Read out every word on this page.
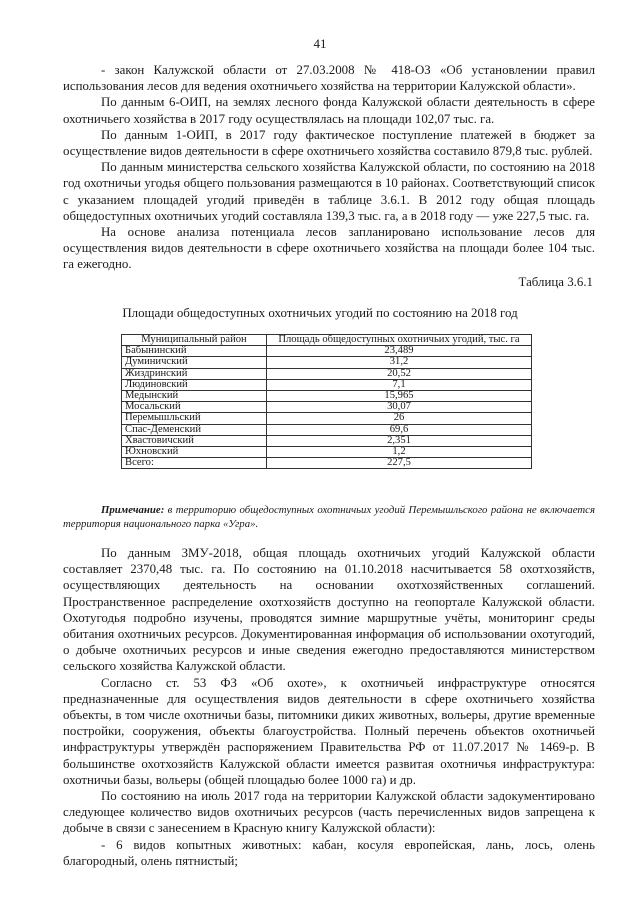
41

- закон Калужской области от 27.03.2008 № 418-ОЗ «Об установлении правил использования лесов для ведения охотничьего хозяйства на территории Калужской области».

По данным 6-ОИП, на землях лесного фонда Калужской области деятельность в сфере охотничьего хозяйства в 2017 году осуществлялась на площади 102,07 тыс. га.

По данным 1-ОИП, в 2017 году фактическое поступление платежей в бюджет за осуществление видов деятельности в сфере охотничьего хозяйства составило 879,8 тыс. рублей.

По данным министерства сельского хозяйства Калужской области, по состоянию на 2018 год охотничьи угодья общего пользования размещаются в 10 районах. Соответствующий список с указанием площадей угодий приведён в таблице 3.6.1. В 2012 году общая площадь общедоступных охотничьих угодий составляла 139,3 тыс. га, а в 2018 году — уже 227,5 тыс. га.

На основе анализа потенциала лесов запланировано использование лесов для осуществления видов деятельности в сфере охотничьего хозяйства на площади более 104 тыс. га ежегодно.

Таблица 3.6.1
Площади общедоступных охотничьих угодий по состоянию на 2018 год
Муниципальный район	Площадь общедоступных охотничьих угодий, тыс. га
Бабынинский	23,489
Думиничский	31,2
Жиздринский	20,52
Людиновский	7,1
Медынский	15,965
Мосальский	30,07
Перемышльский	26
Спас-Деменский	69,6
Хвастовичский	2,351
Юхновский	1,2
Всего:	227,5

Примечание: в территорию общедоступных охотничьих угодий Перемышльского района не включается территория национального парка «Угра».

По данным ЗМУ-2018, общая площадь охотничьих угодий Калужской области составляет 2370,48 тыс. га. По состоянию на 01.10.2018 насчитывается 58 охотхозяйств, осуществляющих деятельность на основании охотхозяйственных соглашений. Пространственное распределение охотхозяйств доступно на геопортале Калужской области. Охотугодья подробно изучены, проводятся зимние маршрутные учёты, мониторинг среды обитания охотничьих ресурсов. Документированная информация об использовании охотугодий, о добыче охотничьих ресурсов и иные сведения ежегодно предоставляются министерством сельского хозяйства Калужской области.

Согласно ст. 53 ФЗ «Об охоте», к охотничьей инфраструктуре относятся предназначенные для осуществления видов деятельности в сфере охотничьего хозяйства объекты, в том числе охотничьи базы, питомники диких животных, вольеры, другие временные постройки, сооружения, объекты благоустройства. Полный перечень объектов охотничьей инфраструктуры утверждён распоряжением Правительства РФ от 11.07.2017 № 1469-р. В большинстве охотхозяйств Калужской области имеется развитая охотничья инфраструктура: охотничьи базы, вольеры (общей площадью более 1000 га) и др.

По состоянию на июль 2017 года на территории Калужской области задокументировано следующее количество видов охотничьих ресурсов (часть перечисленных видов запрещена к добыче в связи с занесением в Красную книгу Калужской области):

- 6 видов копытных животных: кабан, косуля европейская, лань, лось, олень благородный, олень пятнистый;
